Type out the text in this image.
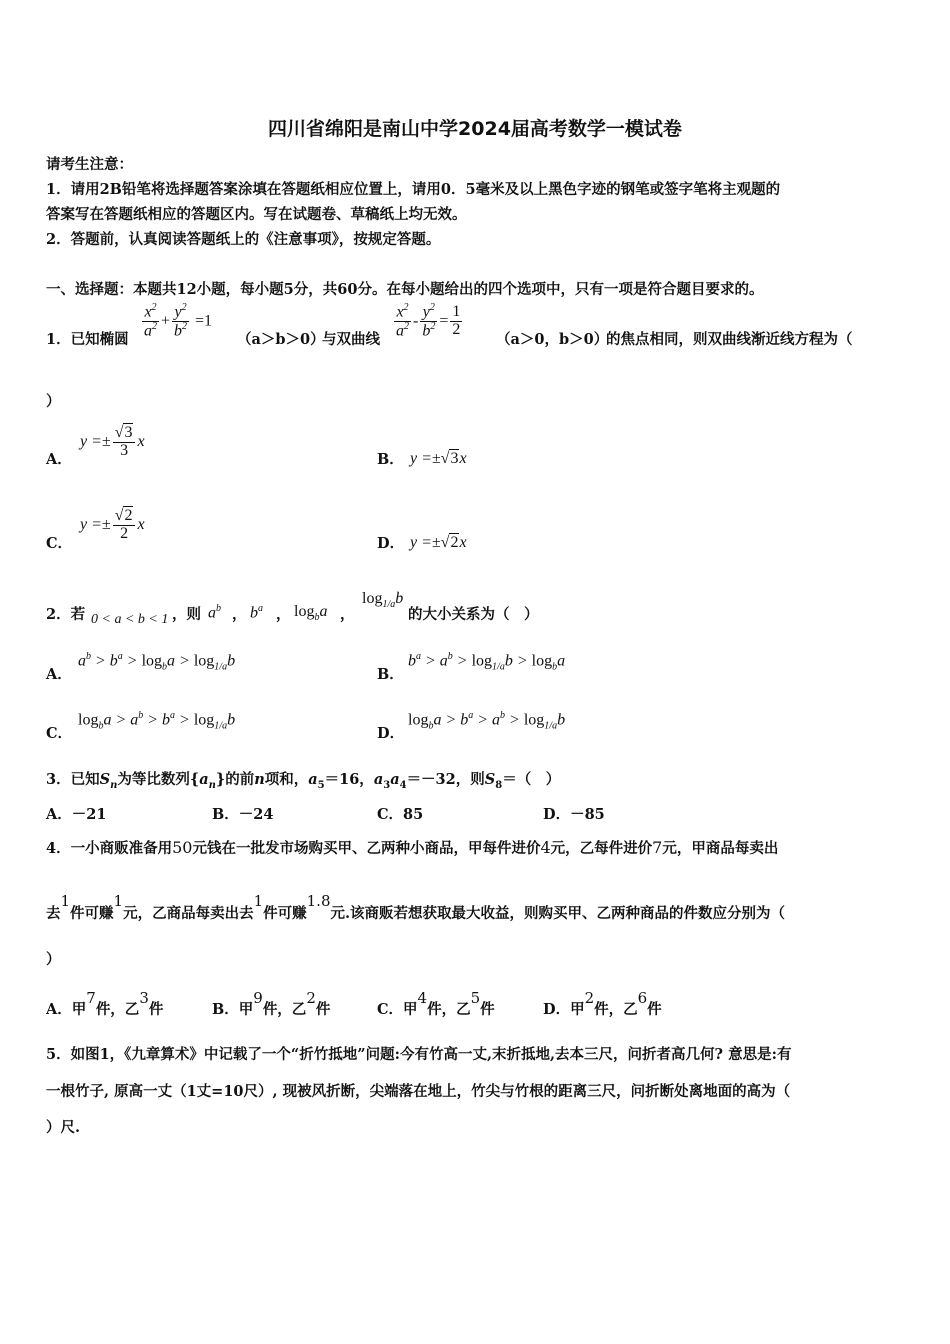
四川省绵阳是南山中学2024届高考数学一模试卷
请考生注意：
1．请用2B铅笔将选择题答案涂填在答题纸相应位置上，请用0．5毫米及以上黑色字迹的钢笔或签字笔将主观题的
答案写在答题纸相应的答题区内。写在试题卷、草稿纸上均无效。
2．答题前，认真阅读答题纸上的《注意事项》，按规定答题。
一、选择题：本题共12小题，每小题5分，共60分。在每小题给出的四个选项中，只有一项是符合题目要求的。
1．已知椭圆 $\frac{x^2}{a^2} + \frac{y^2}{b^2} =1$
（a＞b＞0）
与双曲线 $\frac{x^2}{a^2} - \frac{y^2}{b^2} = \frac{1}{2}$
（a＞0，b＞0）
的焦点相同，则双曲线渐近线方程为（
）
A．
$y =\pm \frac{√3}{3}$ x
B． y =±√3x
C．
$y =\pm \frac{√2}{2}$ x
D． y =±√2x
2．若 0 < a < b < 1 ，则 $a^b$ ， $b^a$ ， $\log_ba$ ，
$\log_{1/a}b$
的大小关系为（　）
A．
$a^b > b^a > \log_ba > \log_{1/a}b$
B．
$b^a > a^b > \log_{1/a}b > \log_ba$
C．
$\log_ba > a^b > b^a > \log_{1/a}b$
D．
$\log_ba > b^a > a^b > \log_{1/a}b$
3．已知$S_n$为等比数列$\{a_n\}$的前n项和，$a_5=16$，$a_3a_4=-32$，则$S_8=$（　）
A．－21	B．－24	C．85	D．－85
4．一小商贩准备用50元钱在一批发市场购买甲、乙两种小商品，甲每件进价4元，乙每件进价7元，甲商品每卖出
去$^1$件可赚$^1$元，乙商品每卖出去$^1$件可赚$^{1.8}$元.该商贩若想获取最大收益，则购买甲、乙两种商品的件数应分别为（
）
A．甲$^7$件，乙$^3$件	B．甲$^9$件，乙$^2$件	C．甲$^4$件，乙$^5$件	D．甲$^2$件，乙$^6$件
5．如图1，《九章算术》中记载了一个“折竹抵地”问题:今有竹高一丈,末折抵地,去本三尺，问折者高几何? 意思是:有
一根竹子, 原高一丈（1丈=10尺）, 现被风折断，尖端落在地上，竹尖与竹根的距离三尺，问折断处离地面的高为（
）尺.
